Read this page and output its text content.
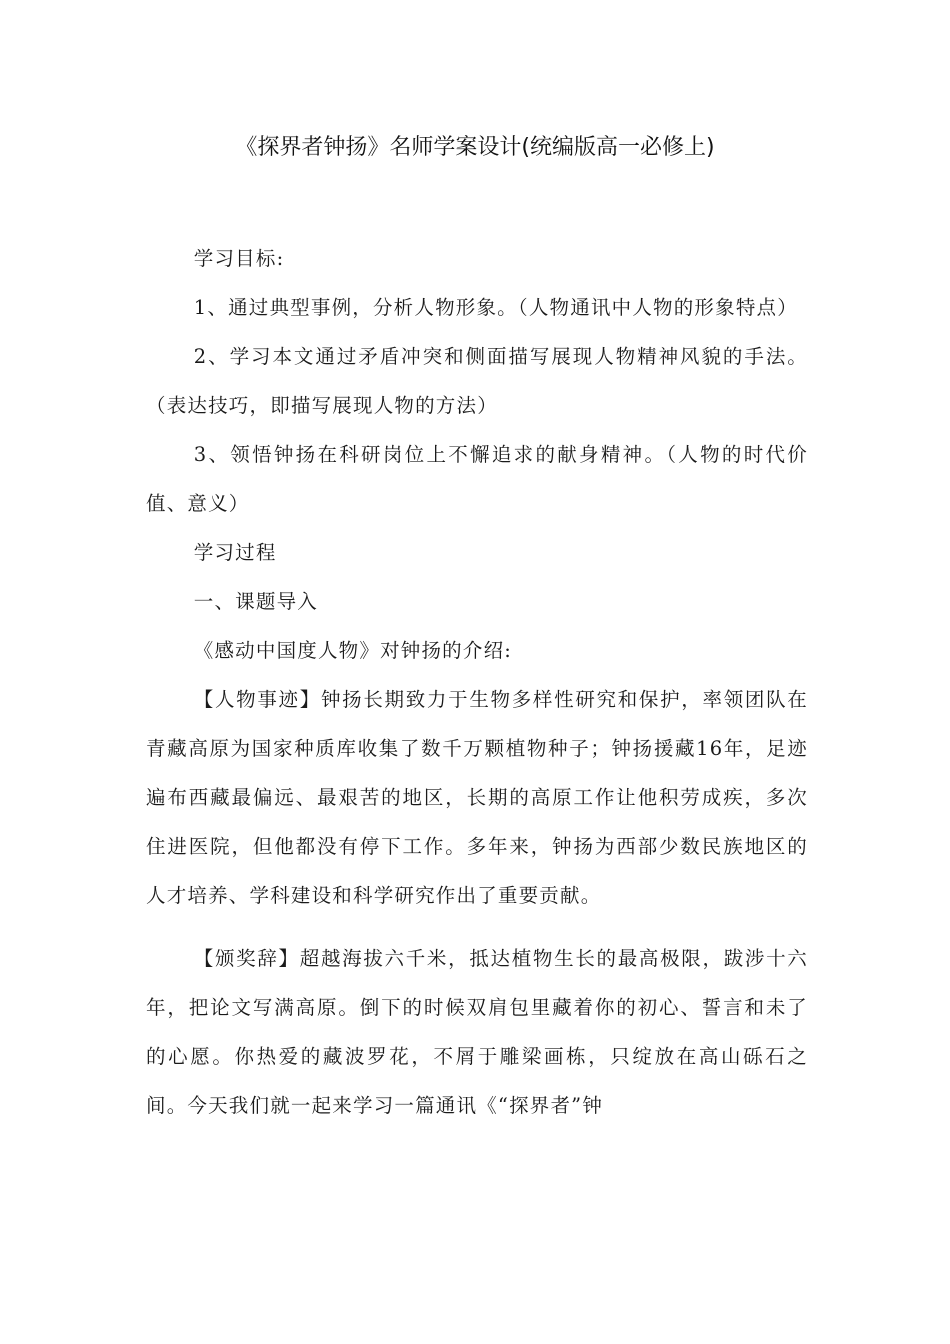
《探界者钟扬》名师学案设计(统编版高一必修上)

学习目标:

1、通过典型事例，分析人物形象。（人物通讯中人物的形象特点）

2、学习本文通过矛盾冲突和侧面描写展现人物精神风貌的手法。（表达技巧，即描写展现人物的方法）

3、领悟钟扬在科研岗位上不懈追求的献身精神。（人物的时代价值、意义）

学习过程

一、课题导入

《感动中国度人物》对钟扬的介绍:

【人物事迹】钟扬长期致力于生物多样性研究和保护，率领团队在青藏高原为国家种质库收集了数千万颗植物种子；钟扬援藏16年，足迹遍布西藏最偏远、最艰苦的地区，长期的高原工作让他积劳成疾，多次住进医院，但他都没有停下工作。多年来，钟扬为西部少数民族地区的人才培养、学科建设和科学研究作出了重要贡献。

【颁奖辞】超越海拔六千米，抵达植物生长的最高极限，跋涉十六年，把论文写满高原。倒下的时候双肩包里藏着你的初心、誓言和未了的心愿。你热爱的藏波罗花，不屑于雕梁画栋，只绽放在高山砾石之间。今天我们就一起来学习一篇通讯《“探界者”钟
